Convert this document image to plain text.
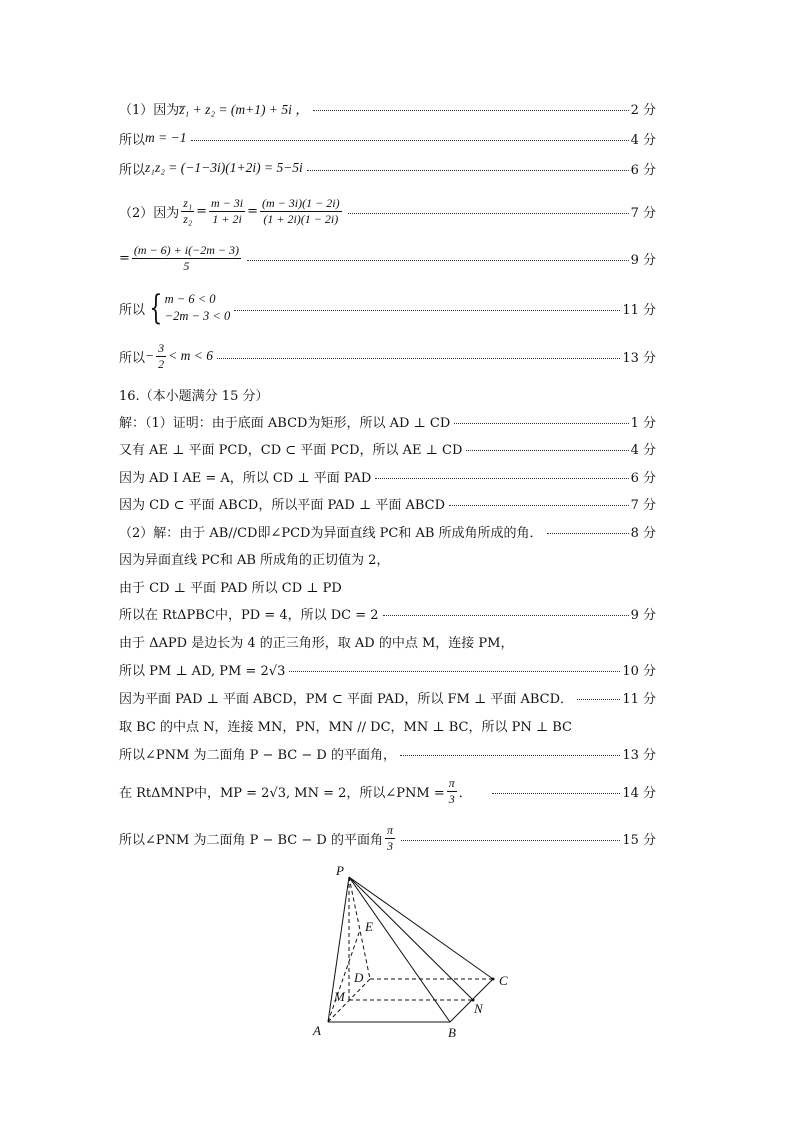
（1）因为 z̅₁ + z₂ = (m+1) + 5i ，	2 分
所以 m = −1	4 分
所以 z₁z₂ = (−1−3i)(1+2i) = 5−5i	6 分
（2）因为 $\frac{\text{z₁}}{\text{z₂}} = \frac{m - 3i}{1 + 2i} = \frac{(m - 3i)(1 - 2i)}{(1 + 2i)(1 - 2i)}$	7 分
= $\frac{(m - 6) + i(-2m - 3)}{5}$	9 分
所以 { m − 6 < 0
−2m − 3 < 0	11 分
所以 − $\frac{3}{2} < m < 6$	13 分
16.（本小题满分 15 分）
解：（1）证明：由于底面 ABCD为矩形，所以 AD ⊥ CD	1 分
又有 AE ⊥ 平面 PCD，CD ⊂ 平面 PCD，所以 AE ⊥ CD	4 分
因为 AD I AE = A，所以 CD ⊥ 平面 PAD	6 分
因为 CD ⊂ 平面 ABCD，所以平面 PAD ⊥ 平面 ABCD	7 分
（2）解：由于 AB//CD即∠PCD为异面直线 PC和 AB 所成角所成的角．	8 分
因为异面直线 PC和 AB 所成角的正切值为 2，
由于 CD ⊥ 平面 PAD 所以 CD ⊥ PD
所以在 RtΔPBC中，PD = 4，所以 DC = 2	9 分
由于 ΔAPD 是边长为 4 的正三角形，取 AD 的中点 M，连接 PM，
所以 PM ⊥ AD, PM = 2√3	10 分
因为平面 PAD ⊥ 平面 ABCD，PM ⊂ 平面 PAD，所以 FM ⊥ 平面 ABCD．	11 分
取 BC 的中点 N，连接 MN，PN，MN // DC，MN ⊥ BC，所以 PN ⊥ BC
所以∠PNM 为二面角 P − BC − D 的平面角，	13 分
在 RtΔMNP中，MP = 2√3, MN = 2，所以∠PNM = $\frac{\pi}{3}$ ．	14 分
所以∠PNM 为二面角 P − BC − D 的平面角 $\frac{\pi}{3}$	15 分
P
E
D
M
C
N
A	B
